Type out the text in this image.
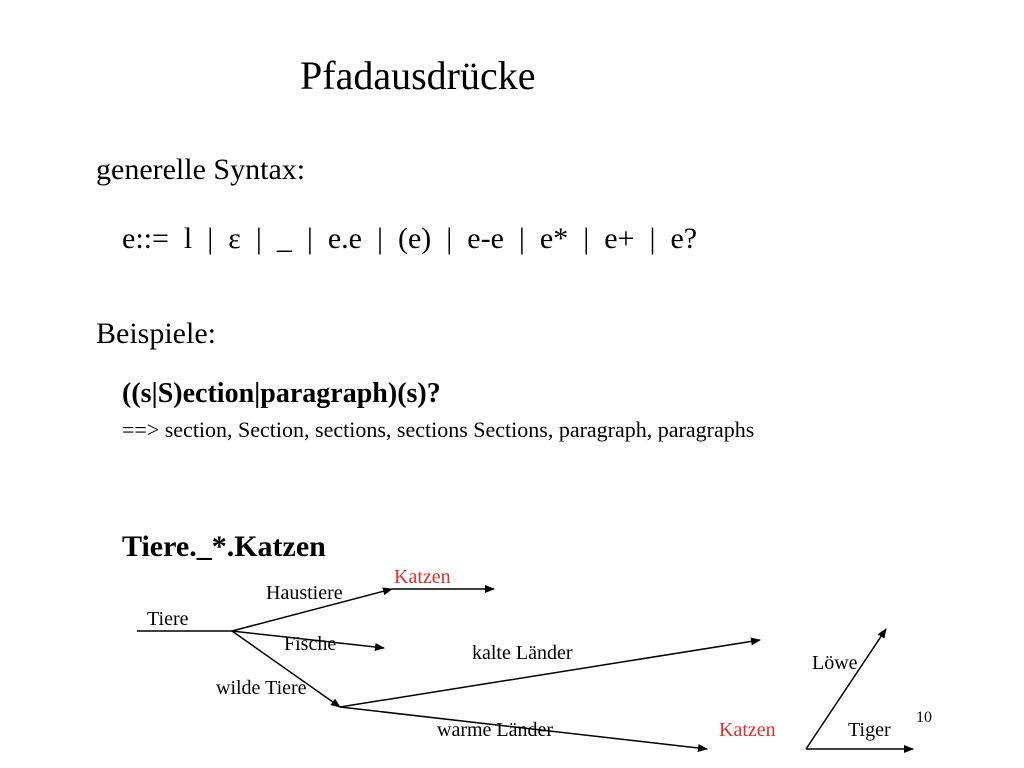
Pfadausdrücke
generelle Syntax:
e::=  l  |  ε  |  _  |  e.e  |  (e)  |  e-e  |  e*  |  e+  |  e?
Beispiele:
((s|S)ection|paragraph)(s)?
==> section, Section, sections, sections Sections, paragraph, paragraphs
Tiere._*.Katzen
Tiere
Haustiere
Katzen
Fische
wilde Tiere
kalte Länder
warme Länder	Katzen
Löwe
Tiger
10
